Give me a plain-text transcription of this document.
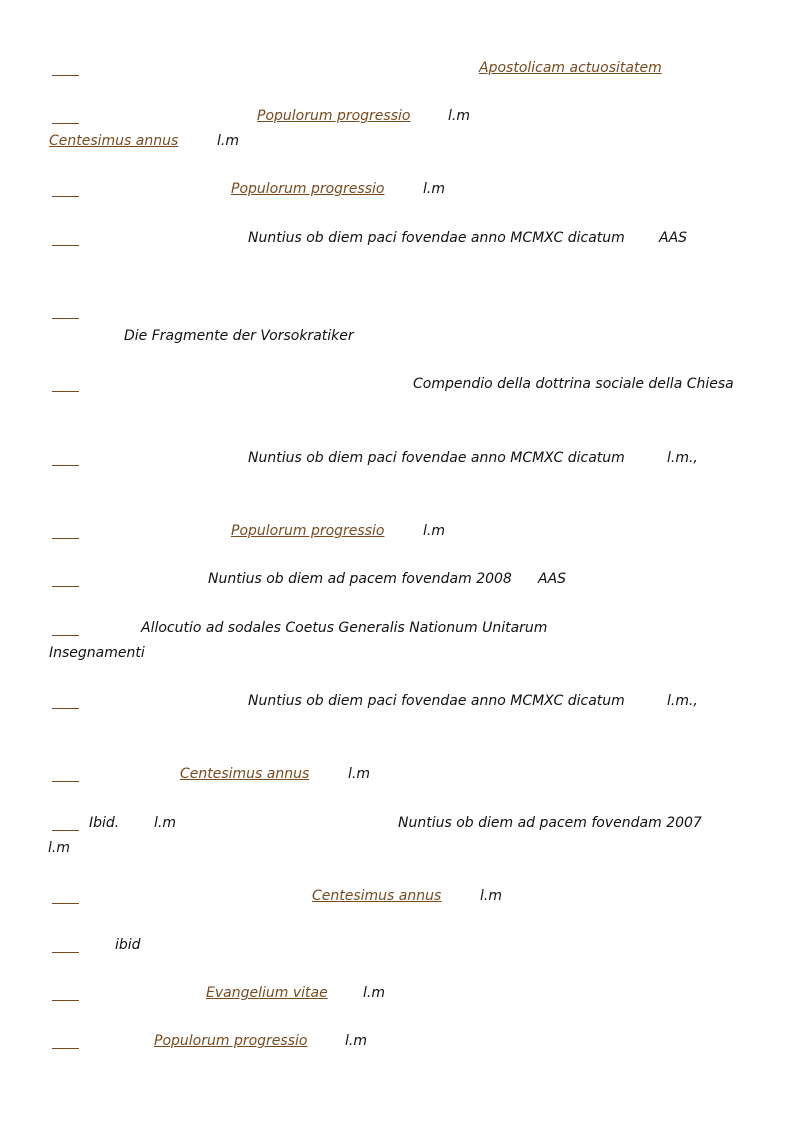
Apostolicam actuositatem
Populorum progressio	l.m
Centesimus annus	l.m
Populorum progressio	l.m
Nuntius ob diem paci fovendae anno MCMXC dicatum AAS
Die Fragmente der Vorsokratiker
Compendio della dottrina sociale della Chiesa
Nuntius ob diem paci fovendae anno MCMXC dicatum	l.m.,
Populorum progressio	l.m
Nuntius ob diem ad pacem fovendam 2008 AAS
Allocutio ad sodales Coetus Generalis Nationum Unitarum
Insegnamenti
Nuntius ob diem paci fovendae anno MCMXC dicatum	l.m.,
Centesimus annus	l.m
Ibid. l.m	Nuntius ob diem ad pacem fovendam 2007
l.m
Centesimus annus	l.m
ibid
Evangelium vitae	l.m
Populorum progressio	l.m
